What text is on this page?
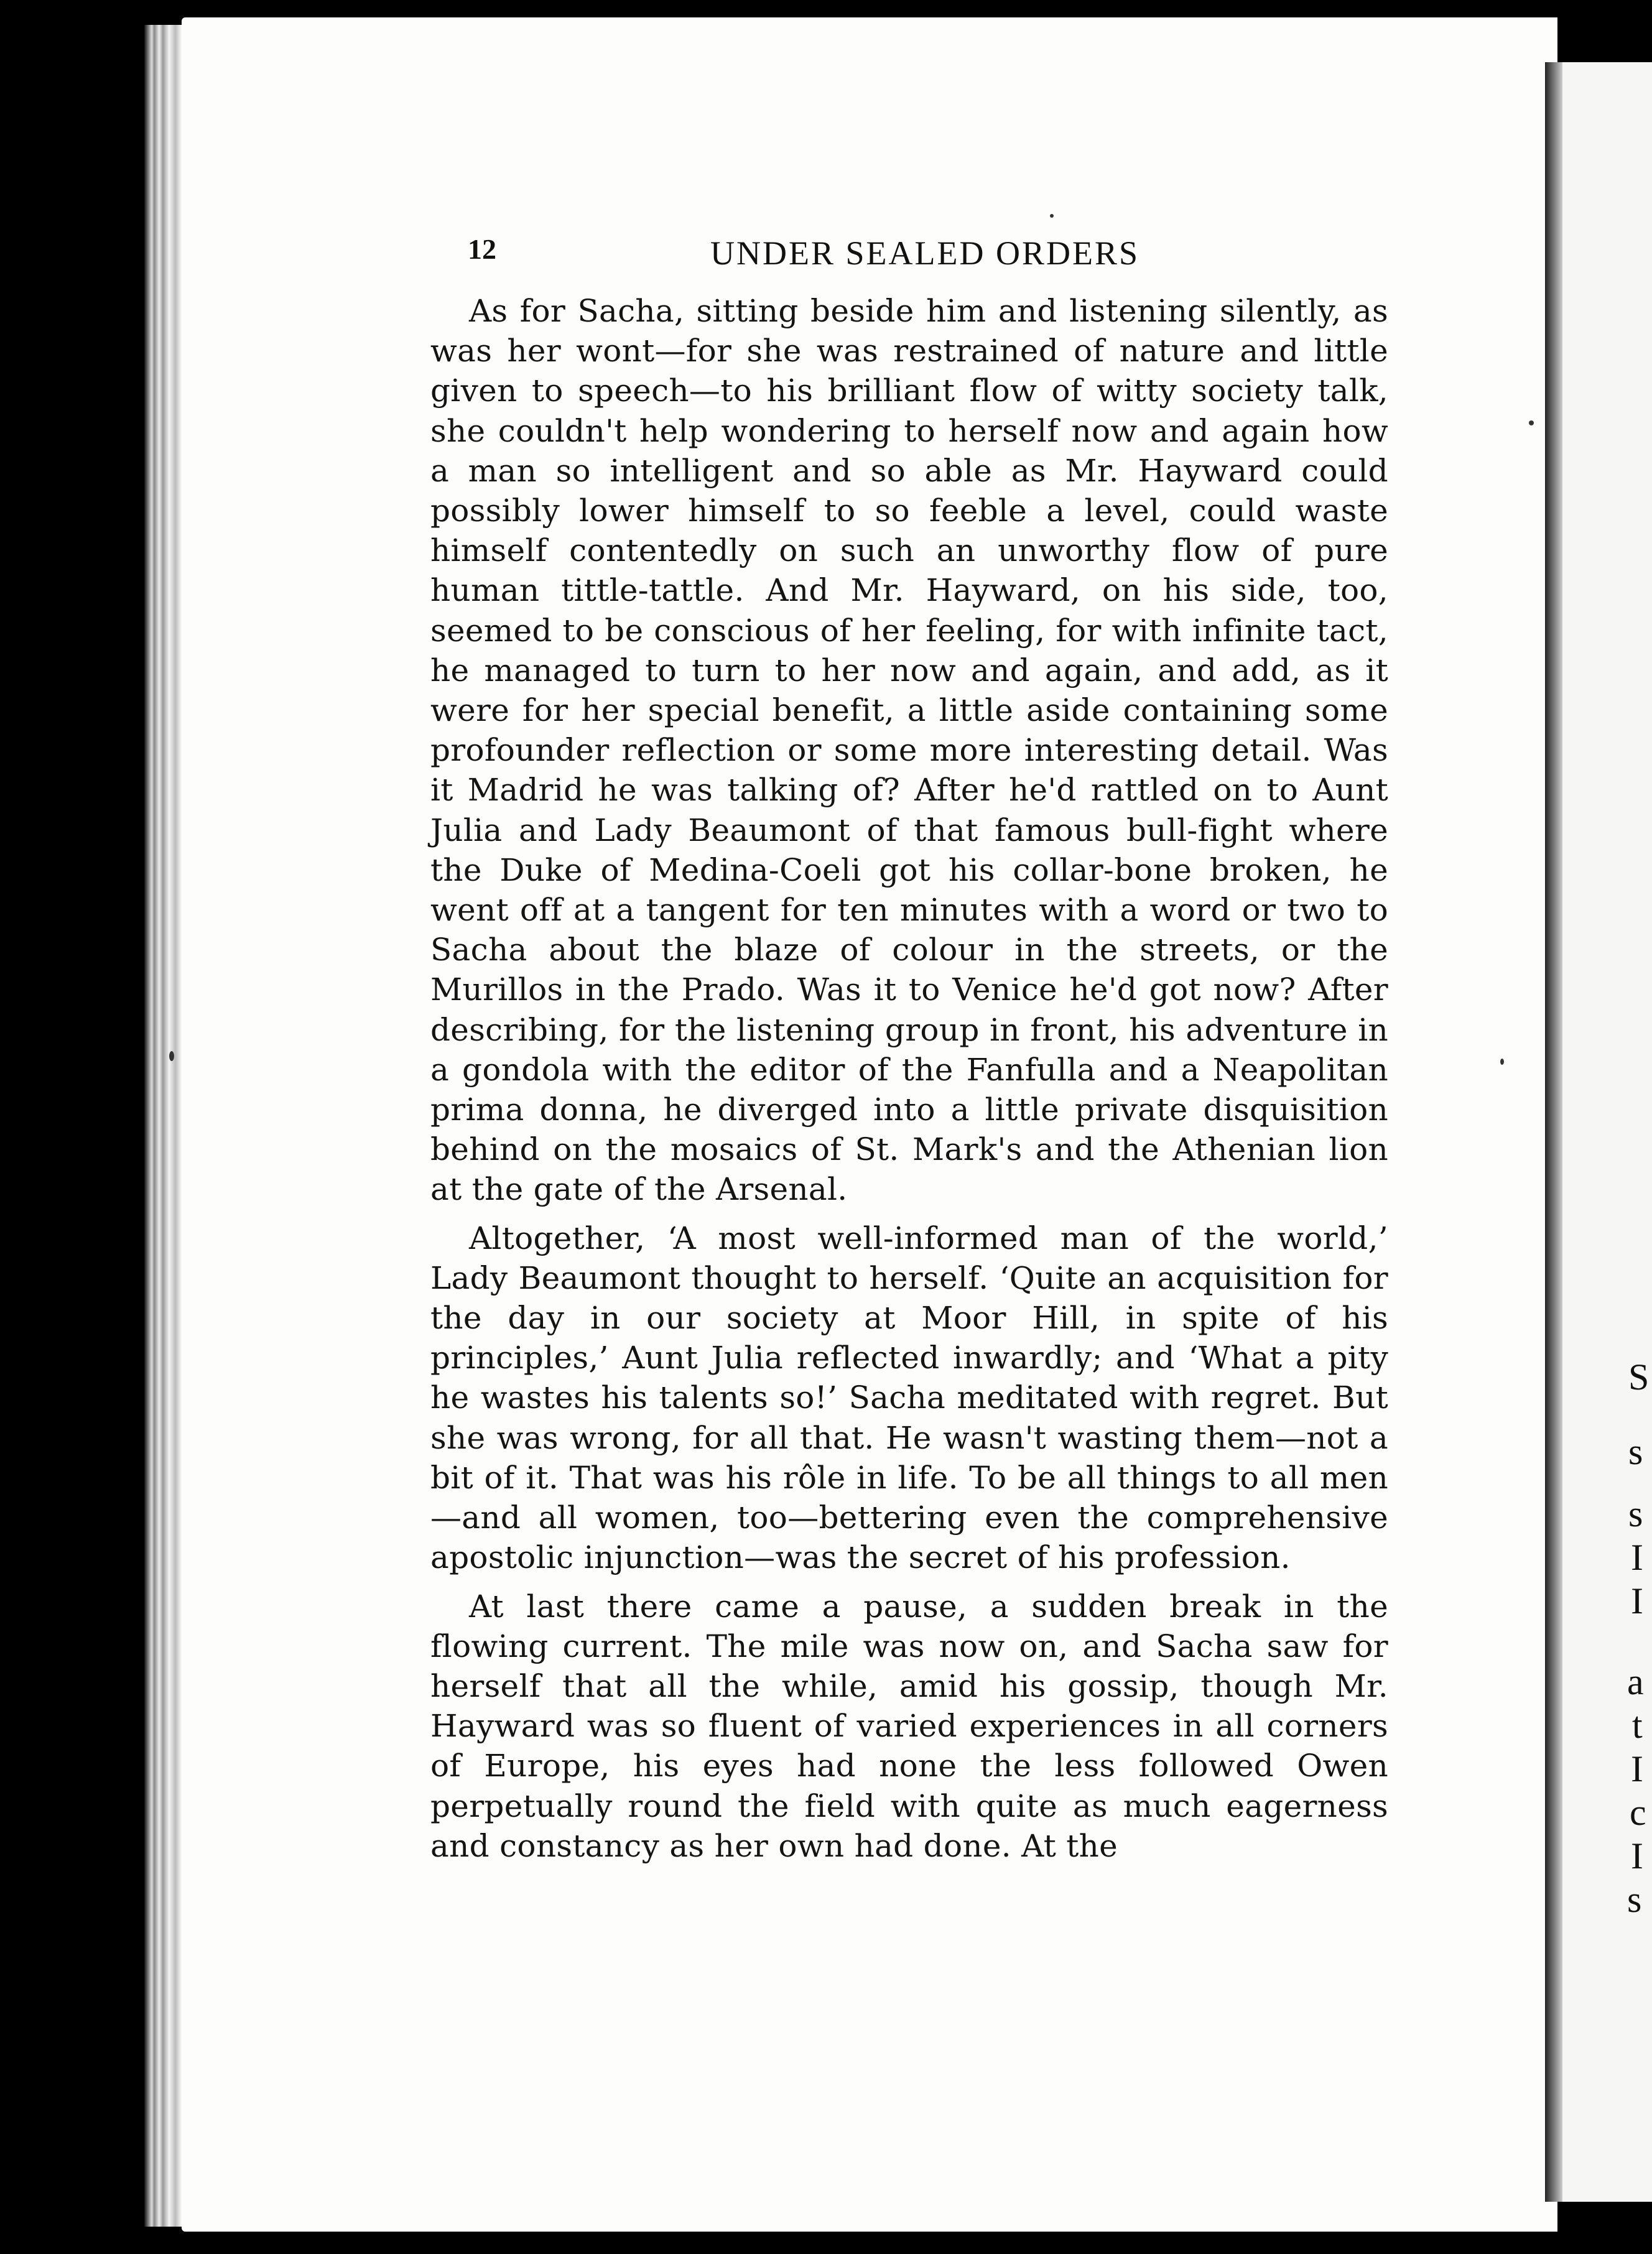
S
s
s
I
I
a
t
I
c
I
s
12	UNDER SEALED ORDERS

As for Sacha, sitting beside him and listening silently, as was her wont—for she was restrained of nature and little given to speech—to his brilliant flow of witty society talk, she couldn't help wondering to herself now and again how a man so intelligent and so able as Mr. Hayward could possibly lower himself to so feeble a level, could waste himself contentedly on such an unworthy flow of pure human tittle-tattle. And Mr. Hayward, on his side, too, seemed to be conscious of her feeling, for with infinite tact, he managed to turn to her now and again, and add, as it were for her special benefit, a little aside containing some profounder reflection or some more interesting detail. Was it Madrid he was talking of? After he'd rattled on to Aunt Julia and Lady Beaumont of that famous bull-fight where the Duke of Medina-Coeli got his collar-bone broken, he went off at a tangent for ten minutes with a word or two to Sacha about the blaze of colour in the streets, or the Murillos in the Prado. Was it to Venice he'd got now? After describing, for the listening group in front, his adventure in a gondola with the editor of the Fanfulla and a Neapolitan prima donna, he diverged into a little private disquisition behind on the mosaics of St. Mark's and the Athenian lion at the gate of the Arsenal.

Altogether, ‘A most well-informed man of the world,’ Lady Beaumont thought to herself. ‘Quite an acquisition for the day in our society at Moor Hill, in spite of his principles,’ Aunt Julia reflected inwardly; and ‘What a pity he wastes his talents so!’ Sacha meditated with regret. But she was wrong, for all that. He wasn't wasting them—not a bit of it. That was his rôle in life. To be all things to all men—and all women, too—bettering even the comprehensive apostolic injunction—was the secret of his profession.

At last there came a pause, a sudden break in the flowing current. The mile was now on, and Sacha saw for herself that all the while, amid his gossip, though Mr. Hayward was so fluent of varied experiences in all corners of Europe, his eyes had none the less followed Owen perpetually round the field with quite as much eagerness and constancy as her own had done. At the
